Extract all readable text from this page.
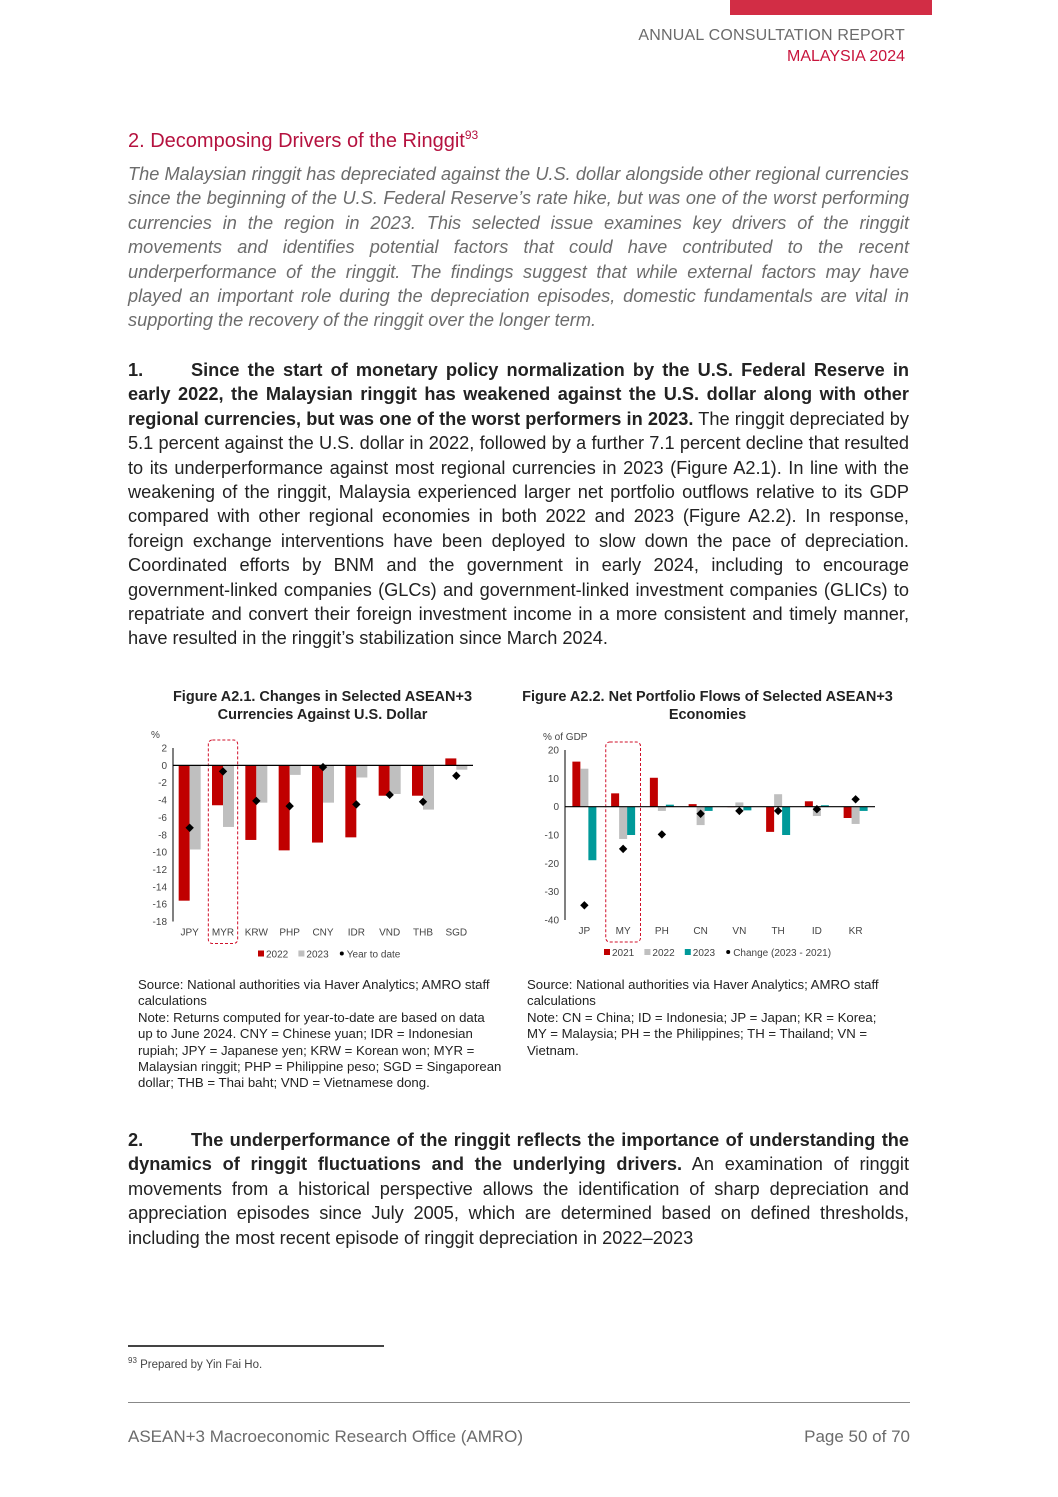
ANNUAL CONSULTATION REPORT
MALAYSIA 2024
2. Decomposing Drivers of the Ringgit$^{93}$
The Malaysian ringgit has depreciated against the U.S. dollar alongside other regional currencies since the beginning of the U.S. Federal Reserve’s rate hike, but was one of the worst performing currencies in the region in 2023. This selected issue examines key drivers of the ringgit movements and identifies potential factors that could have contributed to the recent underperformance of the ringgit. The findings suggest that while external factors may have played an important role during the depreciation episodes, domestic fundamentals are vital in supporting the recovery of the ringgit over the longer term.
1.	Since the start of monetary policy normalization by the U.S. Federal Reserve in early 2022, the Malaysian ringgit has weakened against the U.S. dollar along with other regional currencies, but was one of the worst performers in 2023. The ringgit depreciated by 5.1 percent against the U.S. dollar in 2022, followed by a further 7.1 percent decline that resulted to its underperformance against most regional currencies in 2023 (Figure A2.1). In line with the weakening of the ringgit, Malaysia experienced larger net portfolio outflows relative to its GDP compared with other regional economies in both 2022 and 2023 (Figure A2.2). In response, foreign exchange interventions have been deployed to slow down the pace of depreciation. Coordinated efforts by BNM and the government in early 2024, including to encourage government-linked companies (GLCs) and government-linked investment companies (GLICs) to repatriate and convert their foreign investment income in a more consistent and timely manner, have resulted in the ringgit’s stabilization since March 2024.
Figure A2.1. Changes in Selected ASEAN+3 Currencies Against U.S. Dollar
Figure A2.2. Net Portfolio Flows of Selected ASEAN+3 Economies
%
2
0
-2
-4
-6
-8
-10
-12
-14
-16
-18
JPY MYR KRW PHP CNY IDR VND THB SGD
2022 2023 Year to date
% of GDP
20
10
0
-10
-20
-30
-40
JP	MY PH CN VN	TH	ID	KR
2021 2022 2023 Change (2023 - 2021)
Source: National authorities via Haver Analytics; AMRO staff calculations
Note: Returns computed for year-to-date are based on data up to June 2024. CNY = Chinese yuan; IDR = Indonesian rupiah; JPY = Japanese yen; KRW = Korean won; MYR = Malaysian ringgit; PHP = Philippine peso; SGD = Singaporean dollar; THB = Thai baht; VND = Vietnamese dong.
Source: National authorities via Haver Analytics; AMRO staff calculations
Note: CN = China; ID = Indonesia; JP = Japan; KR = Korea; MY = Malaysia; PH = the Philippines; TH = Thailand; VN = Vietnam.
2.	The underperformance of the ringgit reflects the importance of understanding the dynamics of ringgit fluctuations and the underlying drivers. An examination of ringgit movements from a historical perspective allows the identification of sharp depreciation and appreciation episodes since July 2005, which are determined based on defined thresholds, including the most recent episode of ringgit depreciation in 2022–2023
$^{93}$ Prepared by Yin Fai Ho.
ASEAN+3 Macroeconomic Research Office (AMRO)	Page 50 of 70
